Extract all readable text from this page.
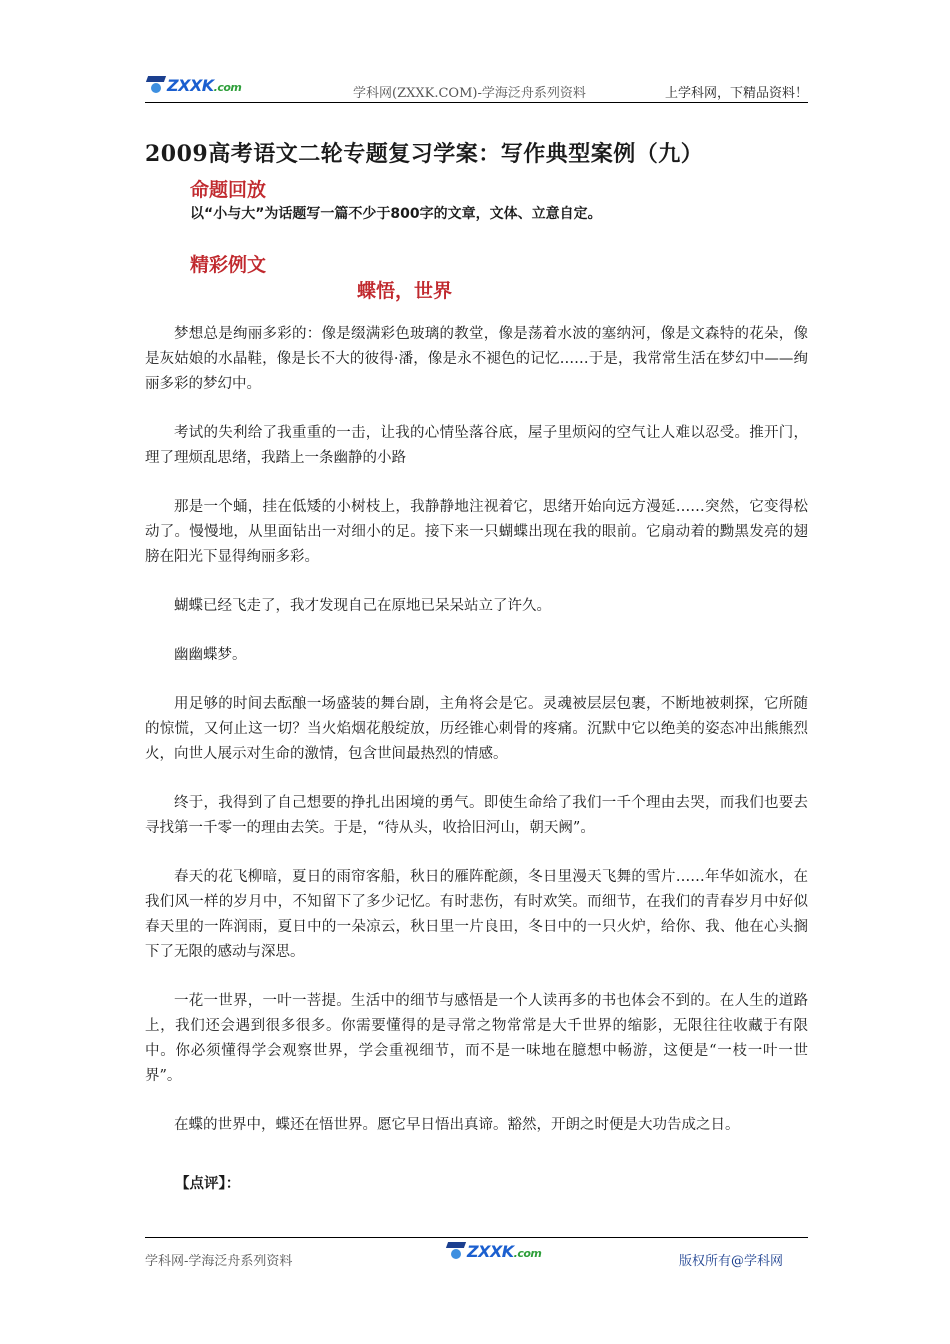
ZXXK.com	学科网(ZXXK.COM)-学海泛舟系列资料	上学科网，下精品资料！
2009高考语文二轮专题复习学案：写作典型案例（九）
命题回放
以“小与大”为话题写一篇不少于800字的文章，文体、立意自定。
精彩例文
蝶悟，世界

梦想总是绚丽多彩的：像是缀满彩色玻璃的教堂，像是荡着水波的塞纳河，像是文森特的花朵，像是灰姑娘的水晶鞋，像是长不大的彼得·潘，像是永不褪色的记忆……于是，我常常生活在梦幻中——绚丽多彩的梦幻中。

考试的失利给了我重重的一击，让我的心情坠落谷底，屋子里烦闷的空气让人难以忍受。推开门，理了理烦乱思绪，我踏上一条幽静的小路

那是一个蛹，挂在低矮的小树枝上，我静静地注视着它，思绪开始向远方漫延……突然，它变得松动了。慢慢地，从里面钻出一对细小的足。接下来一只蝴蝶出现在我的眼前。它扇动着的黝黑发亮的翅膀在阳光下显得绚丽多彩。

蝴蝶已经飞走了，我才发现自己在原地已呆呆站立了许久。

幽幽蝶梦。

用足够的时间去酝酿一场盛装的舞台剧，主角将会是它。灵魂被层层包裹，不断地被刺探，它所随的惊慌，又何止这一切？当火焰烟花般绽放，历经锥心刺骨的疼痛。沉默中它以绝美的姿态冲出熊熊烈火，向世人展示对生命的激情，包含世间最热烈的情感。

终于，我得到了自己想要的挣扎出困境的勇气。即使生命给了我们一千个理由去哭，而我们也要去寻找第一千零一的理由去笑。于是，“待从头，收拾旧河山，朝天阙”。

春天的花飞柳暗，夏日的雨帘客船，秋日的雁阵酡颜，冬日里漫天飞舞的雪片……年华如流水，在我们风一样的岁月中，不知留下了多少记忆。有时悲伤，有时欢笑。而细节，在我们的青春岁月中好似春天里的一阵润雨，夏日中的一朵凉云，秋日里一片良田，冬日中的一只火炉，给你、我、他在心头搁下了无限的感动与深思。

一花一世界，一叶一菩提。生活中的细节与感悟是一个人读再多的书也体会不到的。在人生的道路上，我们还会遇到很多很多。你需要懂得的是寻常之物常常是大千世界的缩影，无限往往收藏于有限中。你必须懂得学会观察世界，学会重视细节，而不是一味地在臆想中畅游，这便是“一枝一叶一世界”。

在蝶的世界中，蝶还在悟世界。愿它早日悟出真谛。豁然，开朗之时便是大功告成之日。

【点评】：
学科网-学海泛舟系列资料
ZXXK.com
版权所有@学科网
